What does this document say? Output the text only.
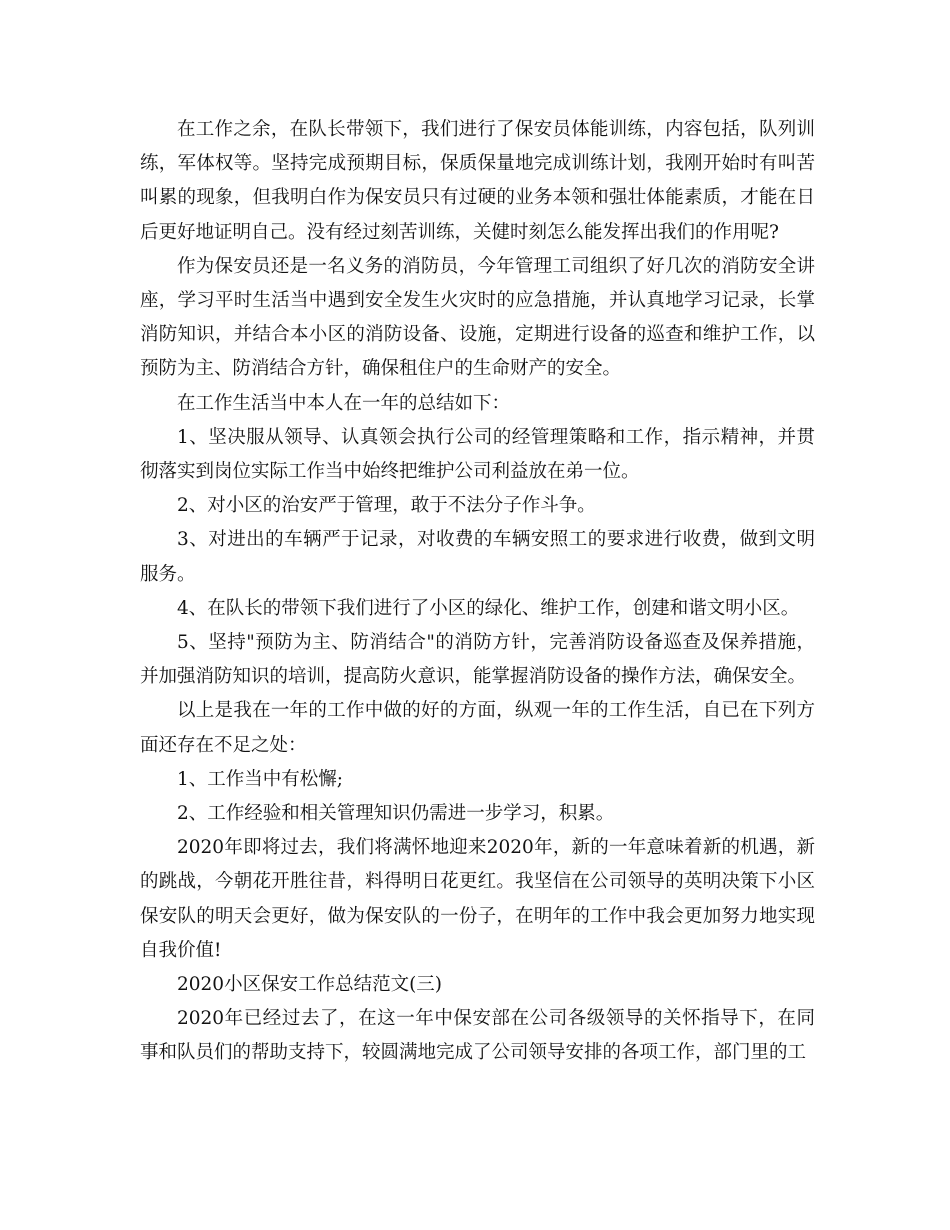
在工作之余，在队长带领下，我们进行了保安员体能训练，内容包括，队列训练，军体权等。坚持完成预期目标，保质保量地完成训练计划，我刚开始时有叫苦叫累的现象，但我明白作为保安员只有过硬的业务本领和强壮体能素质，才能在日后更好地证明自己。没有经过刻苦训练，关健时刻怎么能发挥出我们的作用呢?

作为保安员还是一名义务的消防员，今年管理工司组织了好几次的消防安全讲座，学习平时生活当中遇到安全发生火灾时的应急措施，并认真地学习记录，长掌消防知识，并结合本小区的消防设备、设施，定期进行设备的巡查和维护工作，以预防为主、防消结合方针，确保租住户的生命财产的安全。

在工作生活当中本人在一年的总结如下：

1、坚决服从领导、认真领会执行公司的经管理策略和工作，指示精神，并贯彻落实到岗位实际工作当中始终把维护公司利益放在弟一位。

2、对小区的治安严于管理，敢于不法分子作斗争。

3、对进出的车辆严于记录，对收费的车辆安照工的要求进行收费，做到文明服务。

4、在队长的带领下我们进行了小区的绿化、维护工作，创建和谐文明小区。

5、坚持"预防为主、防消结合"的消防方针，完善消防设备巡查及保养措施，并加强消防知识的培训，提高防火意识，能掌握消防设备的操作方法，确保安全。

以上是我在一年的工作中做的好的方面，纵观一年的工作生活，自已在下列方面还存在不足之处：

1、工作当中有松懈;

2、工作经验和相关管理知识仍需进一步学习，积累。

2020年即将过去，我们将满怀地迎来2020年，新的一年意味着新的机遇，新的跳战，今朝花开胜往昔，料得明日花更红。我坚信在公司领导的英明决策下小区保安队的明天会更好，做为保安队的一份子，在明年的工作中我会更加努力地实现自我价值!

2020小区保安工作总结范文(三)

2020年已经过去了，在这一年中保安部在公司各级领导的关怀指导下，在同事和队员们的帮助支持下，较圆满地完成了公司领导安排的各项工作，部门里的工
